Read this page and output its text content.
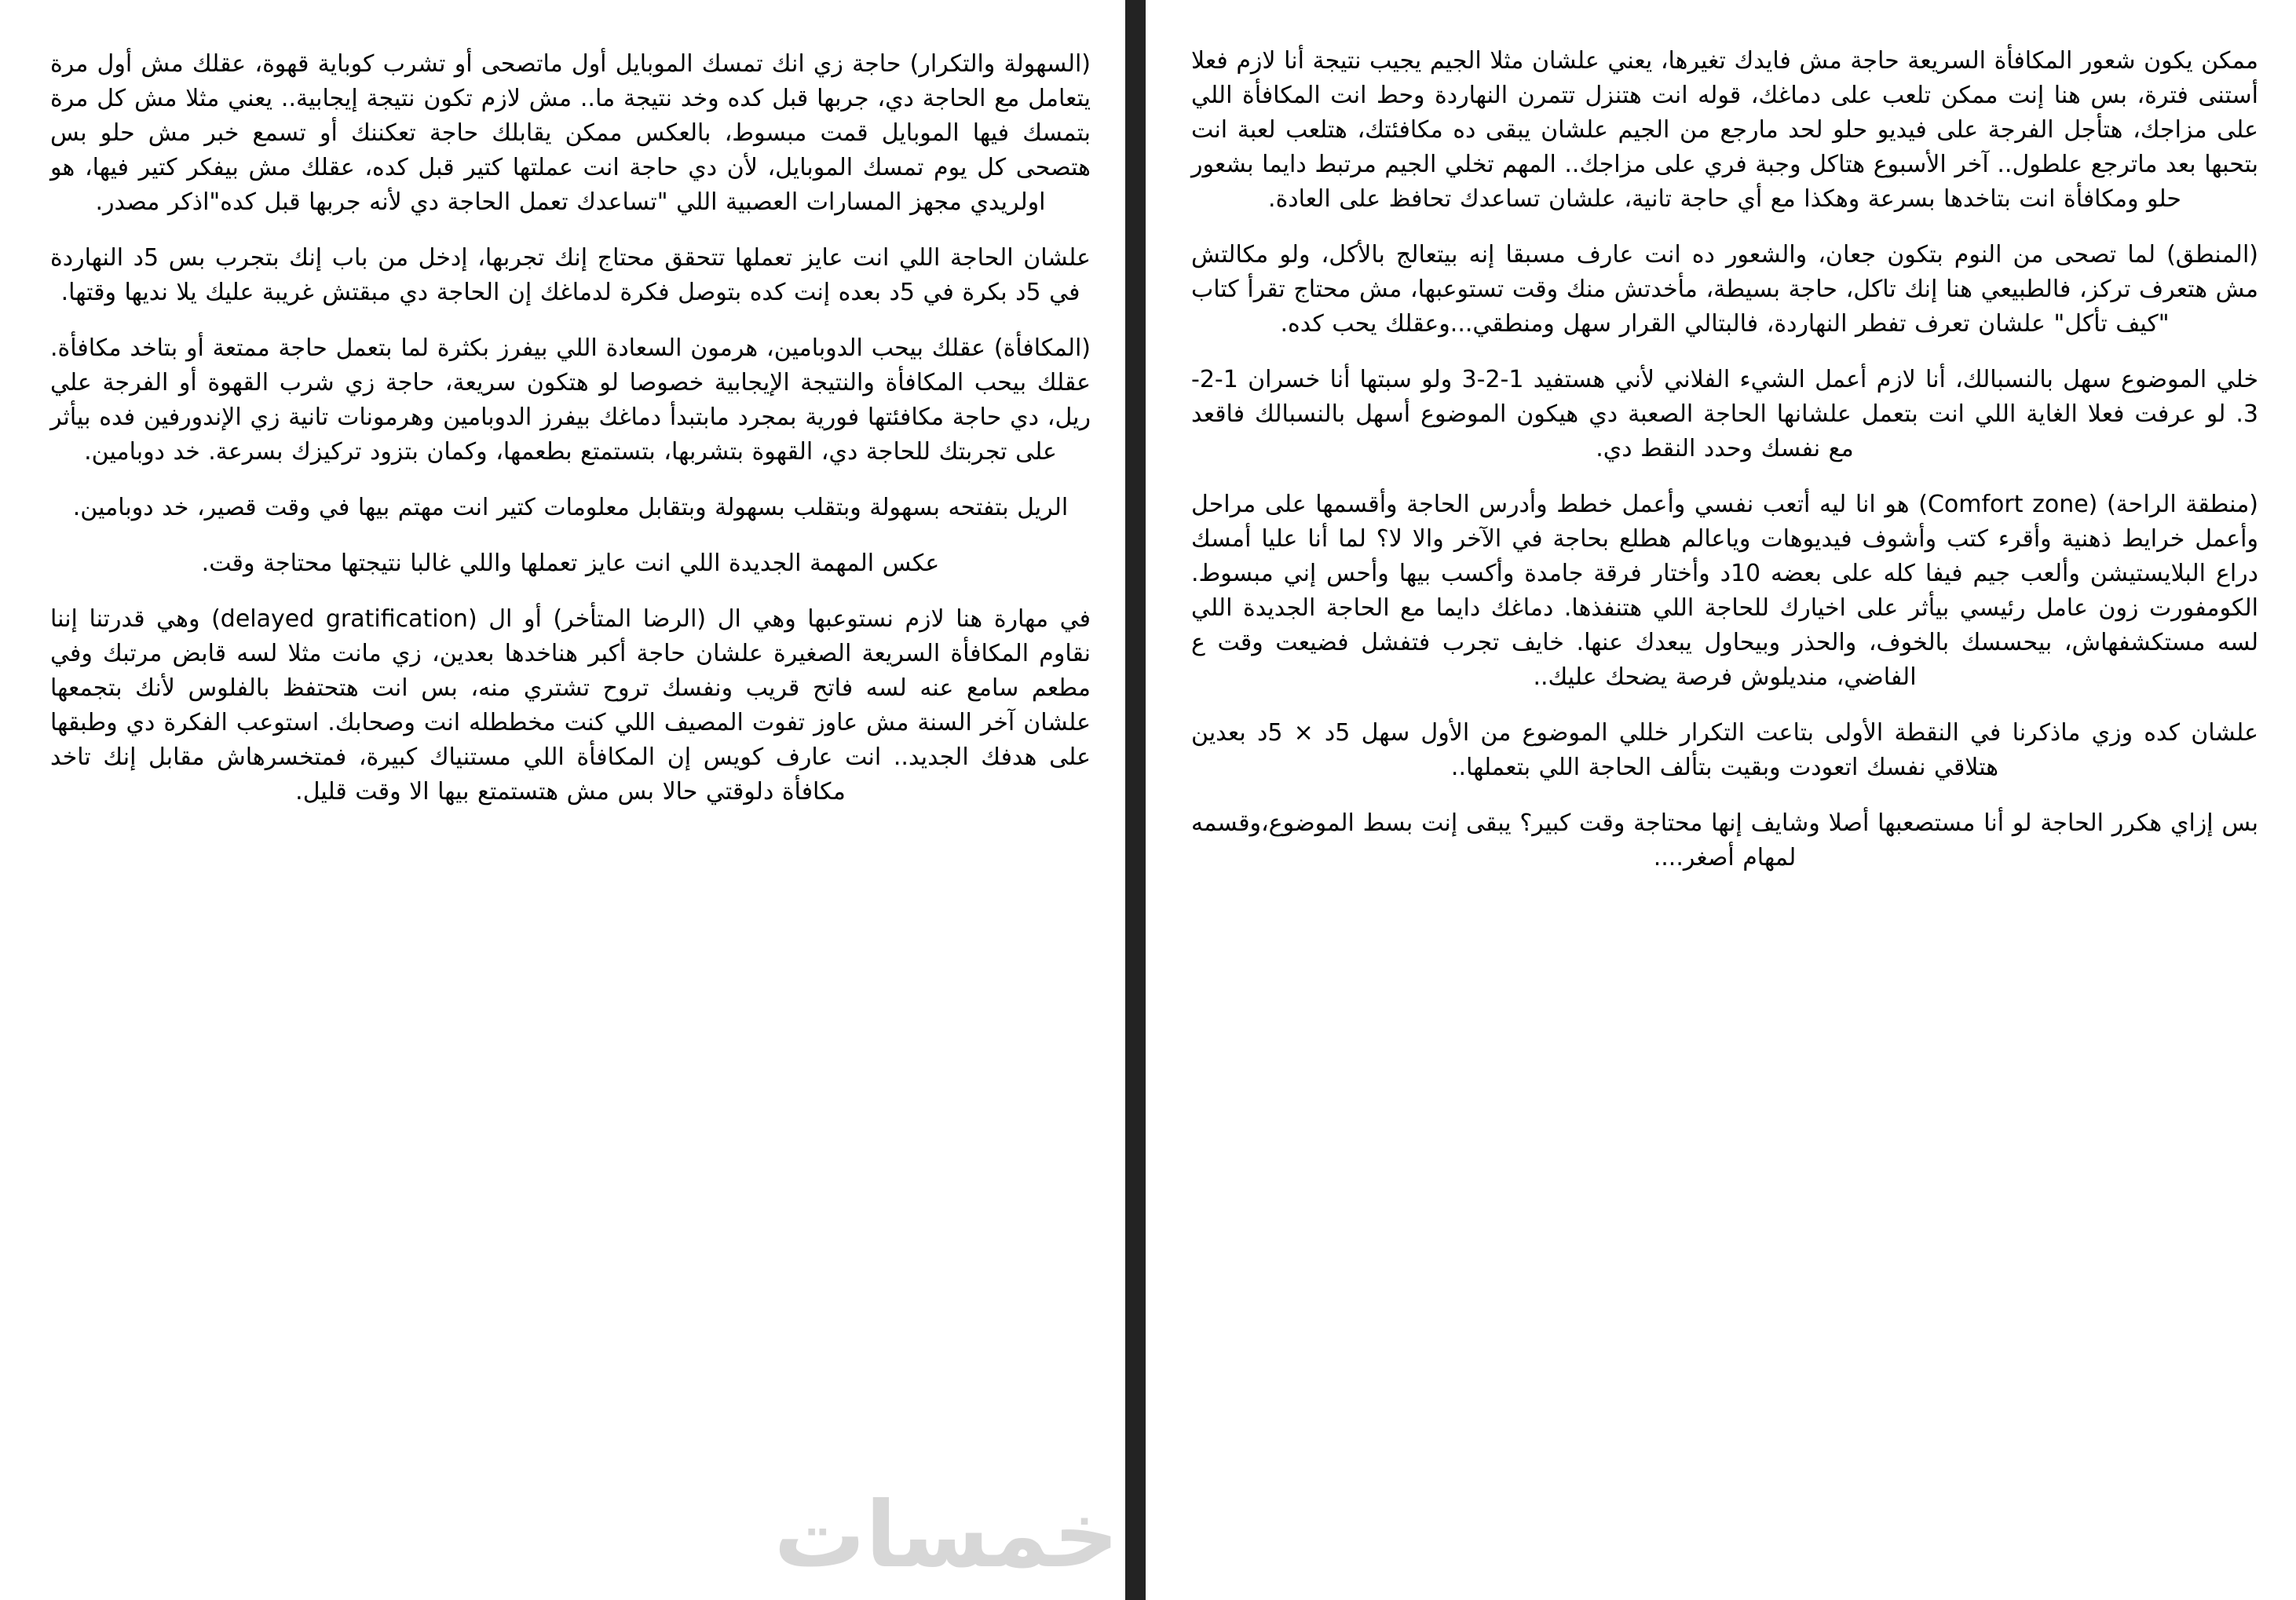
ممكن يكون شعور المكافأة السريعة حاجة مش فايدك تغيرها، يعني علشان مثلا الجيم يجيب نتيجة أنا لازم فعلا أستنى فترة، بس هنا إنت ممكن تلعب على دماغك، قوله انت هتنزل تتمرن النهاردة وحط انت المكافأة اللي على مزاجك، هتأجل الفرجة على فيديو حلو لحد مارجع من الجيم علشان يبقى ده مكافئتك، هتلعب لعبة انت بتحبها بعد ماترجع علطول.. آخر الأسبوع هتاكل وجبة فري على مزاجك.. المهم تخلي الجيم مرتبط دايما بشعور حلو ومكافأة انت بتاخدها بسرعة وهكذا مع أي حاجة تانية، علشان تساعدك تحافظ على العادة.

(المنطق) لما تصحى من النوم بتكون جعان، والشعور ده انت عارف مسبقا إنه بيتعالج بالأكل، ولو مكالتش مش هتعرف تركز، فالطبيعي هنا إنك تاكل، حاجة بسيطة، مأخدتش منك وقت تستوعبها، مش محتاج تقرأ كتاب "كيف تأكل" علشان تعرف تفطر النهاردة، فالبتالي القرار سهل ومنطقي...وعقلك يحب كده.

خلي الموضوع سهل بالنسبالك، أنا لازم أعمل الشيء الفلاني لأني هستفيد 1-2-3 ولو سبتها أنا خسران 1-2-3. لو عرفت فعلا الغاية اللي انت بتعمل علشانها الحاجة الصعبة دي هيكون الموضوع أسهل بالنسبالك فاقعد مع نفسك وحدد النقط دي.

(منطقة الراحة) (Comfort zone) هو انا ليه أتعب نفسي وأعمل خطط وأدرس الحاجة وأقسمها على مراحل وأعمل خرايط ذهنية وأقرء كتب وأشوف فيديوهات وياعالم هطلع بحاجة في الآخر والا لا؟ لما أنا عليا أمسك دراع البلايستيشن وألعب جيم فيفا كله على بعضه 10د وأختار فرقة جامدة وأكسب بيها وأحس إني مبسوط. الكومفورت زون عامل رئيسي بيأثر على اخيارك للحاجة اللي هتنفذها. دماغك دايما مع الحاجة الجديدة اللي لسه مستكشفهاش، بيحسسك بالخوف، والحذر وبيحاول يبعدك عنها. خايف تجرب فتفشل فضيعت وقت ع الفاضي، منديلوش فرصة يضحك عليك..

علشان كده وزي ماذكرنا في النقطة الأولى بتاعت التكرار خللي الموضوع من الأول سهل 5د × 5د بعدين هتلاقي نفسك اتعودت وبقيت بتألف الحاجة اللي بتعملها..

بس إزاي هكرر الحاجة لو أنا مستصعبها أصلا وشايف إنها محتاجة وقت كبير؟ يبقى إنت بسط الموضوع،وقسمه لمهام أصغر....

(السهولة والتكرار) حاجة زي انك تمسك الموبايل أول ماتصحى أو تشرب كوباية قهوة، عقلك مش أول مرة يتعامل مع الحاجة دي، جربها قبل كده وخد نتيجة ما.. مش لازم تكون نتيجة إيجابية.. يعني مثلا مش كل مرة بتمسك فيها الموبايل قمت مبسوط، بالعكس ممكن يقابلك حاجة تعكننك أو تسمع خبر مش حلو بس هتصحى كل يوم تمسك الموبايل، لأن دي حاجة انت عملتها كتير قبل كده، عقلك مش بيفكر كتير فيها، هو اولريدي مجهز المسارات العصبية اللي "تساعدك تعمل الحاجة دي لأنه جربها قبل كده"اذكر مصدر.

علشان الحاجة اللي انت عايز تعملها تتحقق محتاج إنك تجربها، إدخل من باب إنك بتجرب بس 5د النهاردة في 5د بكرة في 5د بعده إنت كده بتوصل فكرة لدماغك إن الحاجة دي مبقتش غريبة عليك يلا نديها وقتها.

(المكافأة) عقلك بيحب الدوبامين، هرمون السعادة اللي بيفرز بكثرة لما بتعمل حاجة ممتعة أو بتاخد مكافأة. عقلك بيحب المكافأة والنتيجة الإيجابية خصوصا لو هتكون سريعة، حاجة زي شرب القهوة أو الفرجة علي ريل، دي حاجة مكافئتها فورية بمجرد مابتبدأ دماغك بيفرز الدوبامين وهرمونات تانية زي الإندورفين فده بيأثر على تجربتك للحاجة دي، القهوة بتشربها، بتستمتع بطعمها، وكمان بتزود تركيزك بسرعة. خد دوبامين.

الريل بتفتحه بسهولة وبتقلب بسهولة وبتقابل معلومات كتير انت مهتم بيها في وقت قصير، خد دوبامين.

عكس المهمة الجديدة اللي انت عايز تعملها واللي غالبا نتيجتها محتاجة وقت.

في مهارة هنا لازم نستوعبها وهي ال (الرضا المتأخر) أو ال (delayed gratification) وهي قدرتنا إننا نقاوم المكافأة السريعة الصغيرة علشان حاجة أكبر هناخدها بعدين، زي مانت مثلا لسه قابض مرتبك وفي مطعم سامع عنه لسه فاتح قريب ونفسك تروح تشتري منه، بس انت هتحتفظ بالفلوس لأنك بتجمعها علشان آخر السنة مش عاوز تفوت المصيف اللي كنت مخططله انت وصحابك. استوعب الفكرة دي وطبقها على هدفك الجديد.. انت عارف كويس إن المكافأة اللي مستنياك كبيرة، فمتخسرهاش مقابل إنك تاخد مكافأة دلوقتي حالا بس مش هتستمتع بيها الا وقت قليل.

خمسات
